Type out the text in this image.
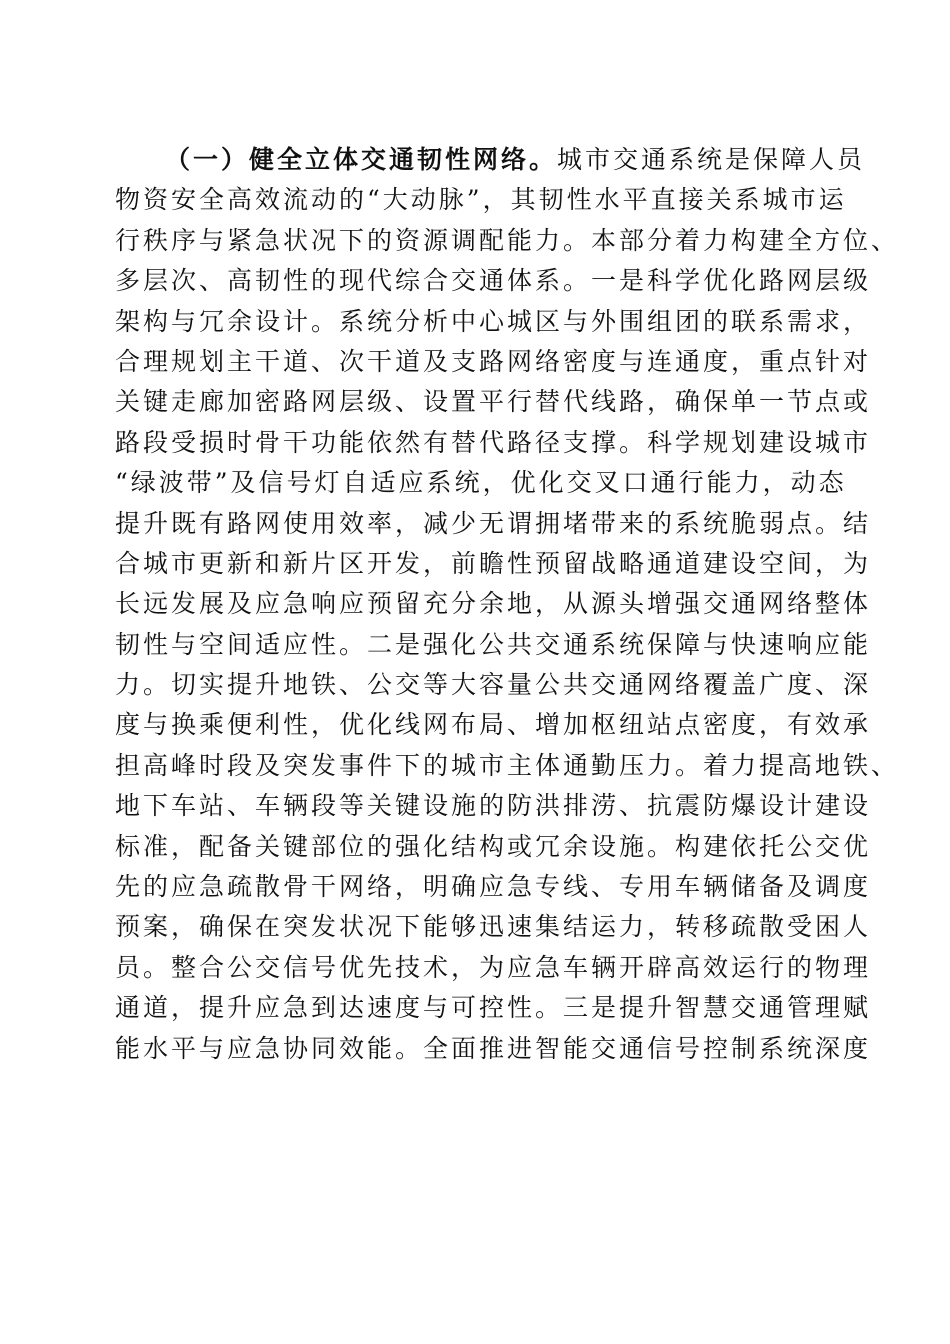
（一）健全立体交通韧性网络。城市交通系统是保障人员
物资安全高效流动的“大动脉”，其韧性水平直接关系城市运
行秩序与紧急状况下的资源调配能力。本部分着力构建全方位、
多层次、高韧性的现代综合交通体系。一是科学优化路网层级
架构与冗余设计。系统分析中心城区与外围组团的联系需求，
合理规划主干道、次干道及支路网络密度与连通度，重点针对
关键走廊加密路网层级、设置平行替代线路，确保单一节点或
路段受损时骨干功能依然有替代路径支撑。科学规划建设城市
“绿波带”及信号灯自适应系统，优化交叉口通行能力，动态
提升既有路网使用效率，减少无谓拥堵带来的系统脆弱点。结
合城市更新和新片区开发，前瞻性预留战略通道建设空间，为
长远发展及应急响应预留充分余地，从源头增强交通网络整体
韧性与空间适应性。二是强化公共交通系统保障与快速响应能
力。切实提升地铁、公交等大容量公共交通网络覆盖广度、深
度与换乘便利性，优化线网布局、增加枢纽站点密度，有效承
担高峰时段及突发事件下的城市主体通勤压力。着力提高地铁、
地下车站、车辆段等关键设施的防洪排涝、抗震防爆设计建设
标准，配备关键部位的强化结构或冗余设施。构建依托公交优
先的应急疏散骨干网络，明确应急专线、专用车辆储备及调度
预案，确保在突发状况下能够迅速集结运力，转移疏散受困人
员。整合公交信号优先技术，为应急车辆开辟高效运行的物理
通道，提升应急到达速度与可控性。三是提升智慧交通管理赋
能水平与应急协同效能。全面推进智能交通信号控制系统深度
